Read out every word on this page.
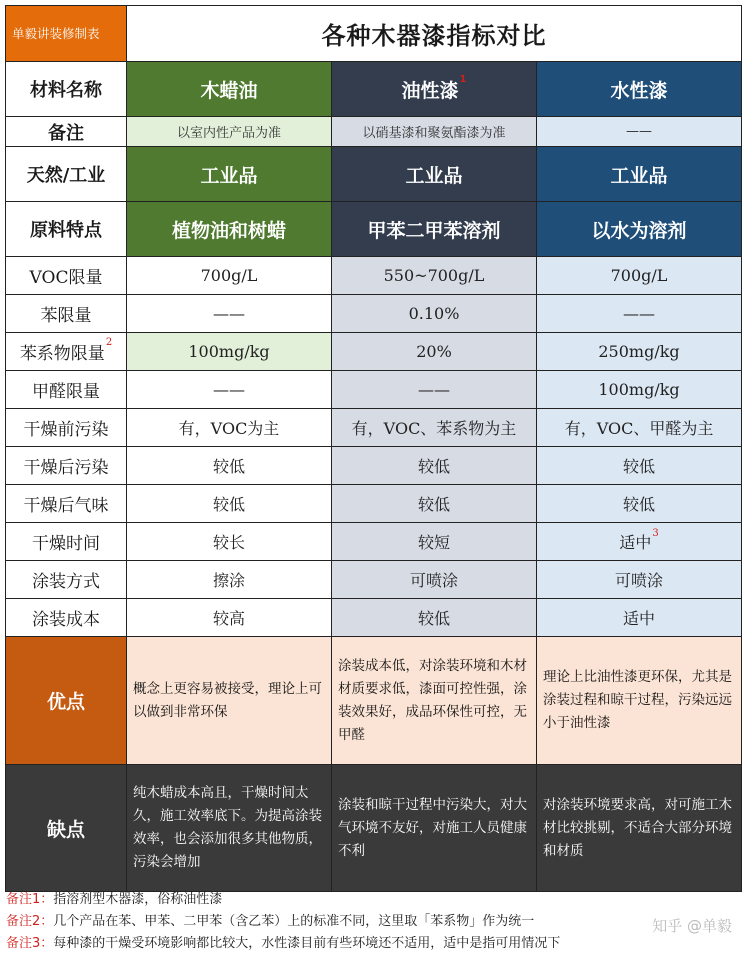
单毅讲装修制表	各种木器漆指标对比		
材料名称	木蜡油	油性漆$^1$	水性漆
备注	以室内性产品为准	以硝基漆和聚氨酯漆为准	——
天然/工业	工业品	工业品	工业品
原料特点	植物油和树蜡	甲苯二甲苯溶剂	以水为溶剂
VOC限量	700g/L	550~700g/L	700g/L
苯限量	——	0.10%	——
苯系物限量$^2$	100mg/kg	20%	250mg/kg
甲醛限量	——	——	100mg/kg
干燥前污染	有，VOC为主	有，VOC、苯系物为主	有，VOC、甲醛为主
干燥后污染	较低	较低	较低
干燥后气味	较低	较低	较低
干燥时间	较长	较短	适中$^3$
涂装方式	擦涂	可喷涂	可喷涂
涂装成本	较高	较低	适中
优点	概念上更容易被接受，理论上可以做到非常环保	涂装成本低，对涂装环境和木材材质要求低，漆面可控性强，涂装效果好，成品环保性可控，无甲醛	理论上比油性漆更环保，尤其是涂装过程和晾干过程，污染远远小于油性漆
缺点	纯木蜡成本高且，干燥时间太久，施工效率底下。为提高涂装效率，也会添加很多其他物质，污染会增加	涂装和晾干过程中污染大，对大气环境不友好，对施工人员健康不利	对涂装环境要求高，对可施工木材比较挑剔，不适合大部分环境和材质
备注1：指溶剂型木器漆，俗称油性漆
备注2：几个产品在苯、甲苯、二甲苯（含乙苯）上的标准不同，这里取「苯系物」作为统一
备注3：每种漆的干燥受环境影响都比较大，水性漆目前有些环境还不适用，适中是指可用情况下
知乎 @单毅
